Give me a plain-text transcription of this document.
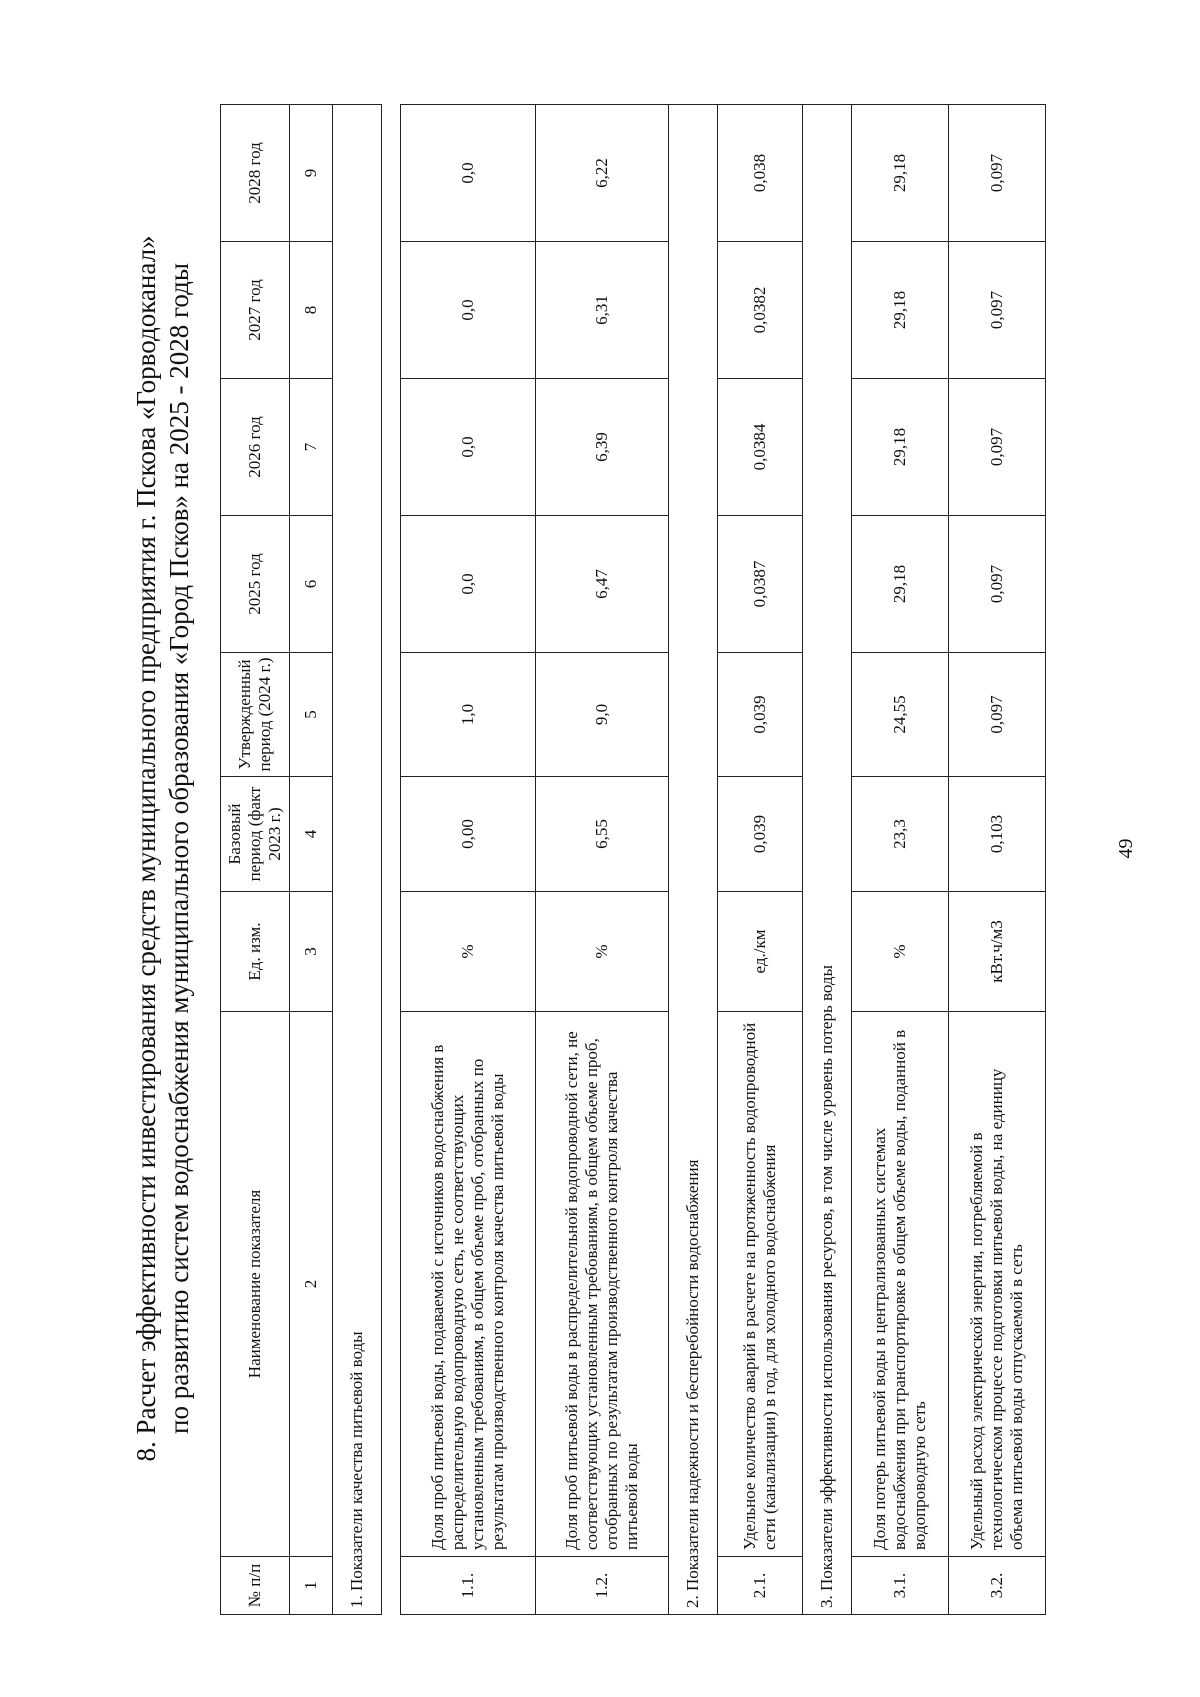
8. Расчет эффективности инвестирования средств муниципального предприятия г. Пскова «Горводоканал» по развитию систем водоснабжения муниципального образования «Город Псков» на 2025 - 2028 годы
№ п/п	Наименование показателя	Ед. изм.	Базовый период (факт 2023 г.)	Утвержденный период (2024 г.)	2025 год	2026 год	2027 год	2028 год
1	2	3	4	5	6	7	8	9
1. Показатели качества питьевой воды								

1.1.	Доля проб питьевой воды, подаваемой с источников водоснабжения в распределительную водопроводную сеть, не соответствующих установленным требованиям, в общем объеме проб, отобранных по результатам производственного контроля качества питьевой воды	%	0,00	1,0	0,0	0,0	0,0	0,0
1.2.	Доля проб питьевой воды в распределительной водопроводной сети, не соответствующих установленным требованиям, в общем объеме проб, отобранных по результатам производственного контроля качества питьевой воды	%	6,55	9,0	6,47	6,39	6,31	6,22
2. Показатели надежности и бесперебойности водоснабжения								
2.1.	Удельное количество аварий в расчете на протяженность водопроводной сети (канализации) в год, для холодного водоснабжения	ед./км	0,039	0,039	0,0387	0,0384	0,0382	0,038
3. Показатели эффективности использования ресурсов, в том числе уровень потерь воды								
3.1.	Доля потерь питьевой воды в централизованных системах водоснабжения при транспортировке в общем объеме воды, поданной в водопроводную сеть	%	23,3	24,55	29,18	29,18	29,18	29,18
3.2.	Удельный расход электрической энергии, потребляемой в технологическом процессе подготовки питьевой воды, на единицу объема питьевой воды отпускаемой в сеть	кВт.ч/м3	0,103	0,097	0,097	0,097	0,097	0,097
49
